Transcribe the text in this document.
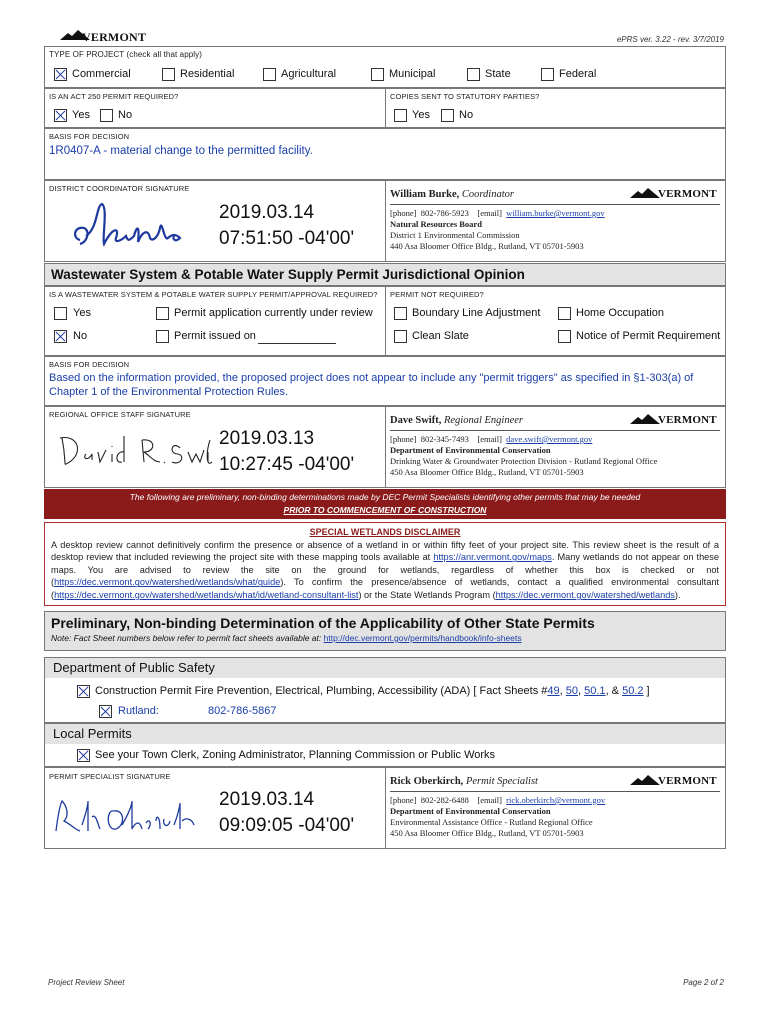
VERMONT	ePRS ver. 3.22 - rev. 3/7/2019
TYPE OF PROJECT (check all that apply)
Commercial	Residential	Agricultural	Municipal	State	Federal
IS AN ACT 250 PERMIT REQUIRED?
Yes	No
COPIES SENT TO STATUTORY PARTIES?
Yes	No
BASIS FOR DECISION
1R0407-A - material change to the permitted facility.
DISTRICT COORDINATOR SIGNATURE
2019.03.14
07:51:50 -04'00'
William Burke, Coordinator
[phone] 802-786-5923 [email] william.burke@vermont.gov
Natural Resources Board
District 1 Environmental Commission
440 Asa Bloomer Office Bldg., Rutland, VT 05701-5903
VERMONT
Wastewater System & Potable Water Supply Permit Jurisdictional Opinion
IS A WASTEWATER SYSTEM & POTABLE WATER SUPPLY PERMIT/APPROVAL REQUIRED? PERMIT NOT REQUIRED?
Yes
No
Permit application currently under review
Permit issued on
Boundary Line Adjustment	Home Occupation
Clean Slate	Notice of Permit Requirement
BASIS FOR DECISION
Based on the information provided, the proposed project does not appear to include any "permit triggers" as specified in §1-303(a) of Chapter 1 of the Environmental Protection Rules.
REGIONAL OFFICE STAFF SIGNATURE
2019.03.13
10:27:45 -04'00'
Dave Swift, Regional Engineer
[phone] 802-345-7493 [email] dave.swift@vermont.gov
Department of Environmental Conservation
Drinking Water & Groundwater Protection Division - Rutland Regional Office
450 Asa Bloomer Office Bldg., Rutland, VT 05701-5903
VERMONT
The following are preliminary, non-binding determinations made by DEC Permit Specialists identifying other permits that may be needed
PRIOR TO COMMENCEMENT OF CONSTRUCTION
SPECIAL WETLANDS DISCLAIMER
A desktop review cannot definitively confirm the presence or absence of a wetland in or within fifty feet of your project site. This review sheet is the result of a desktop review that included reviewing the project site with these mapping tools available at https://anr.vermont.gov/maps. Many wetlands do not appear on these maps. You are advised to review the site on the ground for wetlands, regardless of whether this box is checked or not (https://dec.vermont.gov/watershed/wetlands/what/guide). To confirm the presence/absence of wetlands, contact a qualified environmental consultant (https://dec.vermont.gov/watershed/wetlands/what/id/wetland-consultant-list) or the State Wetlands Program (https://dec.vermont.gov/watershed/wetlands).
Preliminary, Non-binding Determination of the Applicability of Other State Permits
Note: Fact Sheet numbers below refer to permit fact sheets available at: http://dec.vermont.gov/permits/handbook/info-sheets
Department of Public Safety
Construction Permit Fire Prevention, Electrical, Plumbing, Accessibility (ADA) [ Fact Sheets #49, 50, 50.1, & 50.2 ]
Rutland:	802-786-5867
Local Permits
See your Town Clerk, Zoning Administrator, Planning Commission or Public Works
PERMIT SPECIALIST SIGNATURE
2019.03.14
09:09:05 -04'00'
Rick Oberkirch, Permit Specialist
[phone] 802-282-6488 [email] rick.oberkirch@vermont.gov
Department of Environmental Conservation
Environmental Assistance Office - Rutland Regional Office
450 Asa Bloomer Office Bldg., Rutland, VT 05701-5903
VERMONT
Project Review Sheet	Page 2 of 2
